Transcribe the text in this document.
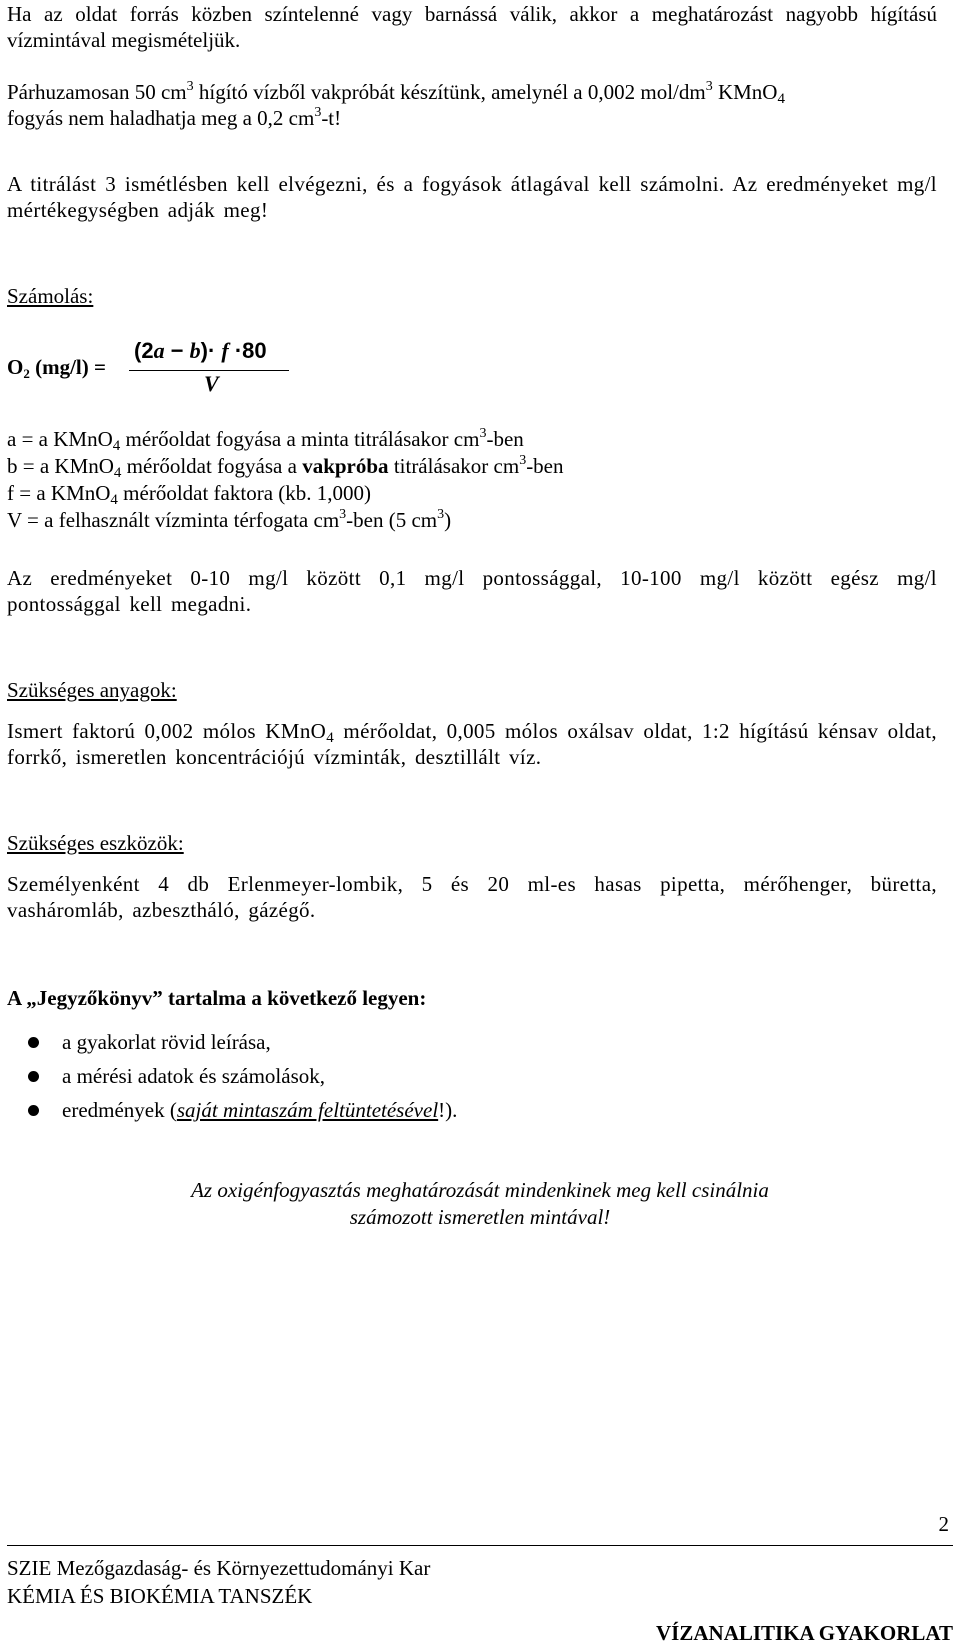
Ha az oldat forrás közben színtelenné vagy barnássá válik, akkor a meghatározást nagyobb hígítású vízmintával megismételjük.

Párhuzamosan 50 $cm^3$ hígító vízből vakpróbát készítünk, amelynél a 0,002 mol/$dm^3$ KMnO$_4$
fogyás nem haladhatja meg a 0,2 $cm^3-t$!

A titrálást 3 ismétlésben kell elvégezni, és a fogyások átlagával kell számolni. Az eredményeket mg/l mértékegységben adják meg!

Számolás:
$O_2$ (mg/l) =
(2a − b)· f ·80
V
a = a KMnO$_4$ mérőoldat fogyása a minta titrálásakor $cm^3$-ben
b = a KMnO$_4$ mérőoldat fogyása a vakpróba titrálásakor $cm^3$-ben
f = a KMnO$_4$ mérőoldat faktora (kb. 1,000)
V = a felhasznált vízminta térfogata $cm^3$-ben (5 $cm^3$)

Az eredményeket 0-10 mg/l között 0,1 mg/l pontossággal, 10-100 mg/l között egész mg/l pontossággal kell megadni.

Szükséges anyagok:

Ismert faktorú 0,002 mólos KMnO$_4$ mérőoldat, 0,005 mólos oxálsav oldat, 1:2 hígítású kénsav oldat, forrkő, ismeretlen koncentrációjú vízminták, desztillált víz.

Szükséges eszközök:

Személyenként 4 db Erlenmeyer-lombik, 5 és 20 ml-es hasas pipetta, mérőhenger, büretta, vasháromláb, azbesztháló, gázégő.

A „Jegyzőkönyv” tartalma a következő legyen:
a gyakorlat rövid leírása,
a mérési adatok és számolások,
eredmények (saját mintaszám feltüntetésével!).
Az oxigénfogyasztás meghatározását mindenkinek meg kell csinálnia
számozott ismeretlen mintával!
2
SZIE Mezőgazdaság- és Környezettudományi Kar
KÉMIA ÉS BIOKÉMIA TANSZÉK
VÍZANALITIKA GYAKORLAT
